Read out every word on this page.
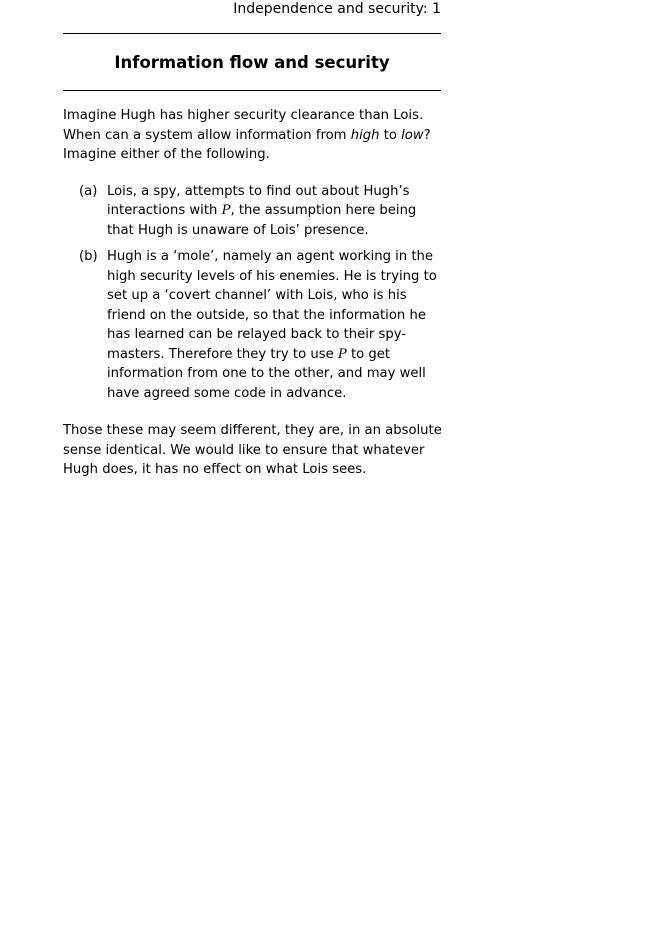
Independence and security: 1
Information flow and security

Imagine Hugh has higher security clearance than Lois. When can a system allow information from high to low? Imagine either of the following.

(a) Lois, a spy, attempts to find out about Hugh’s interactions with P, the assumption here being that Hugh is unaware of Lois’ presence.
(b) Hugh is a ‘mole’, namely an agent working in the high security levels of his enemies. He is trying to set up a ‘covert channel’ with Lois, who is his friend on the outside, so that the information he has learned can be relayed back to their spy-masters. Therefore they try to use P to get information from one to the other, and may well have agreed some code in advance.

Those these may seem different, they are, in an absolute sense identical. We would like to ensure that whatever Hugh does, it has no effect on what Lois sees.
